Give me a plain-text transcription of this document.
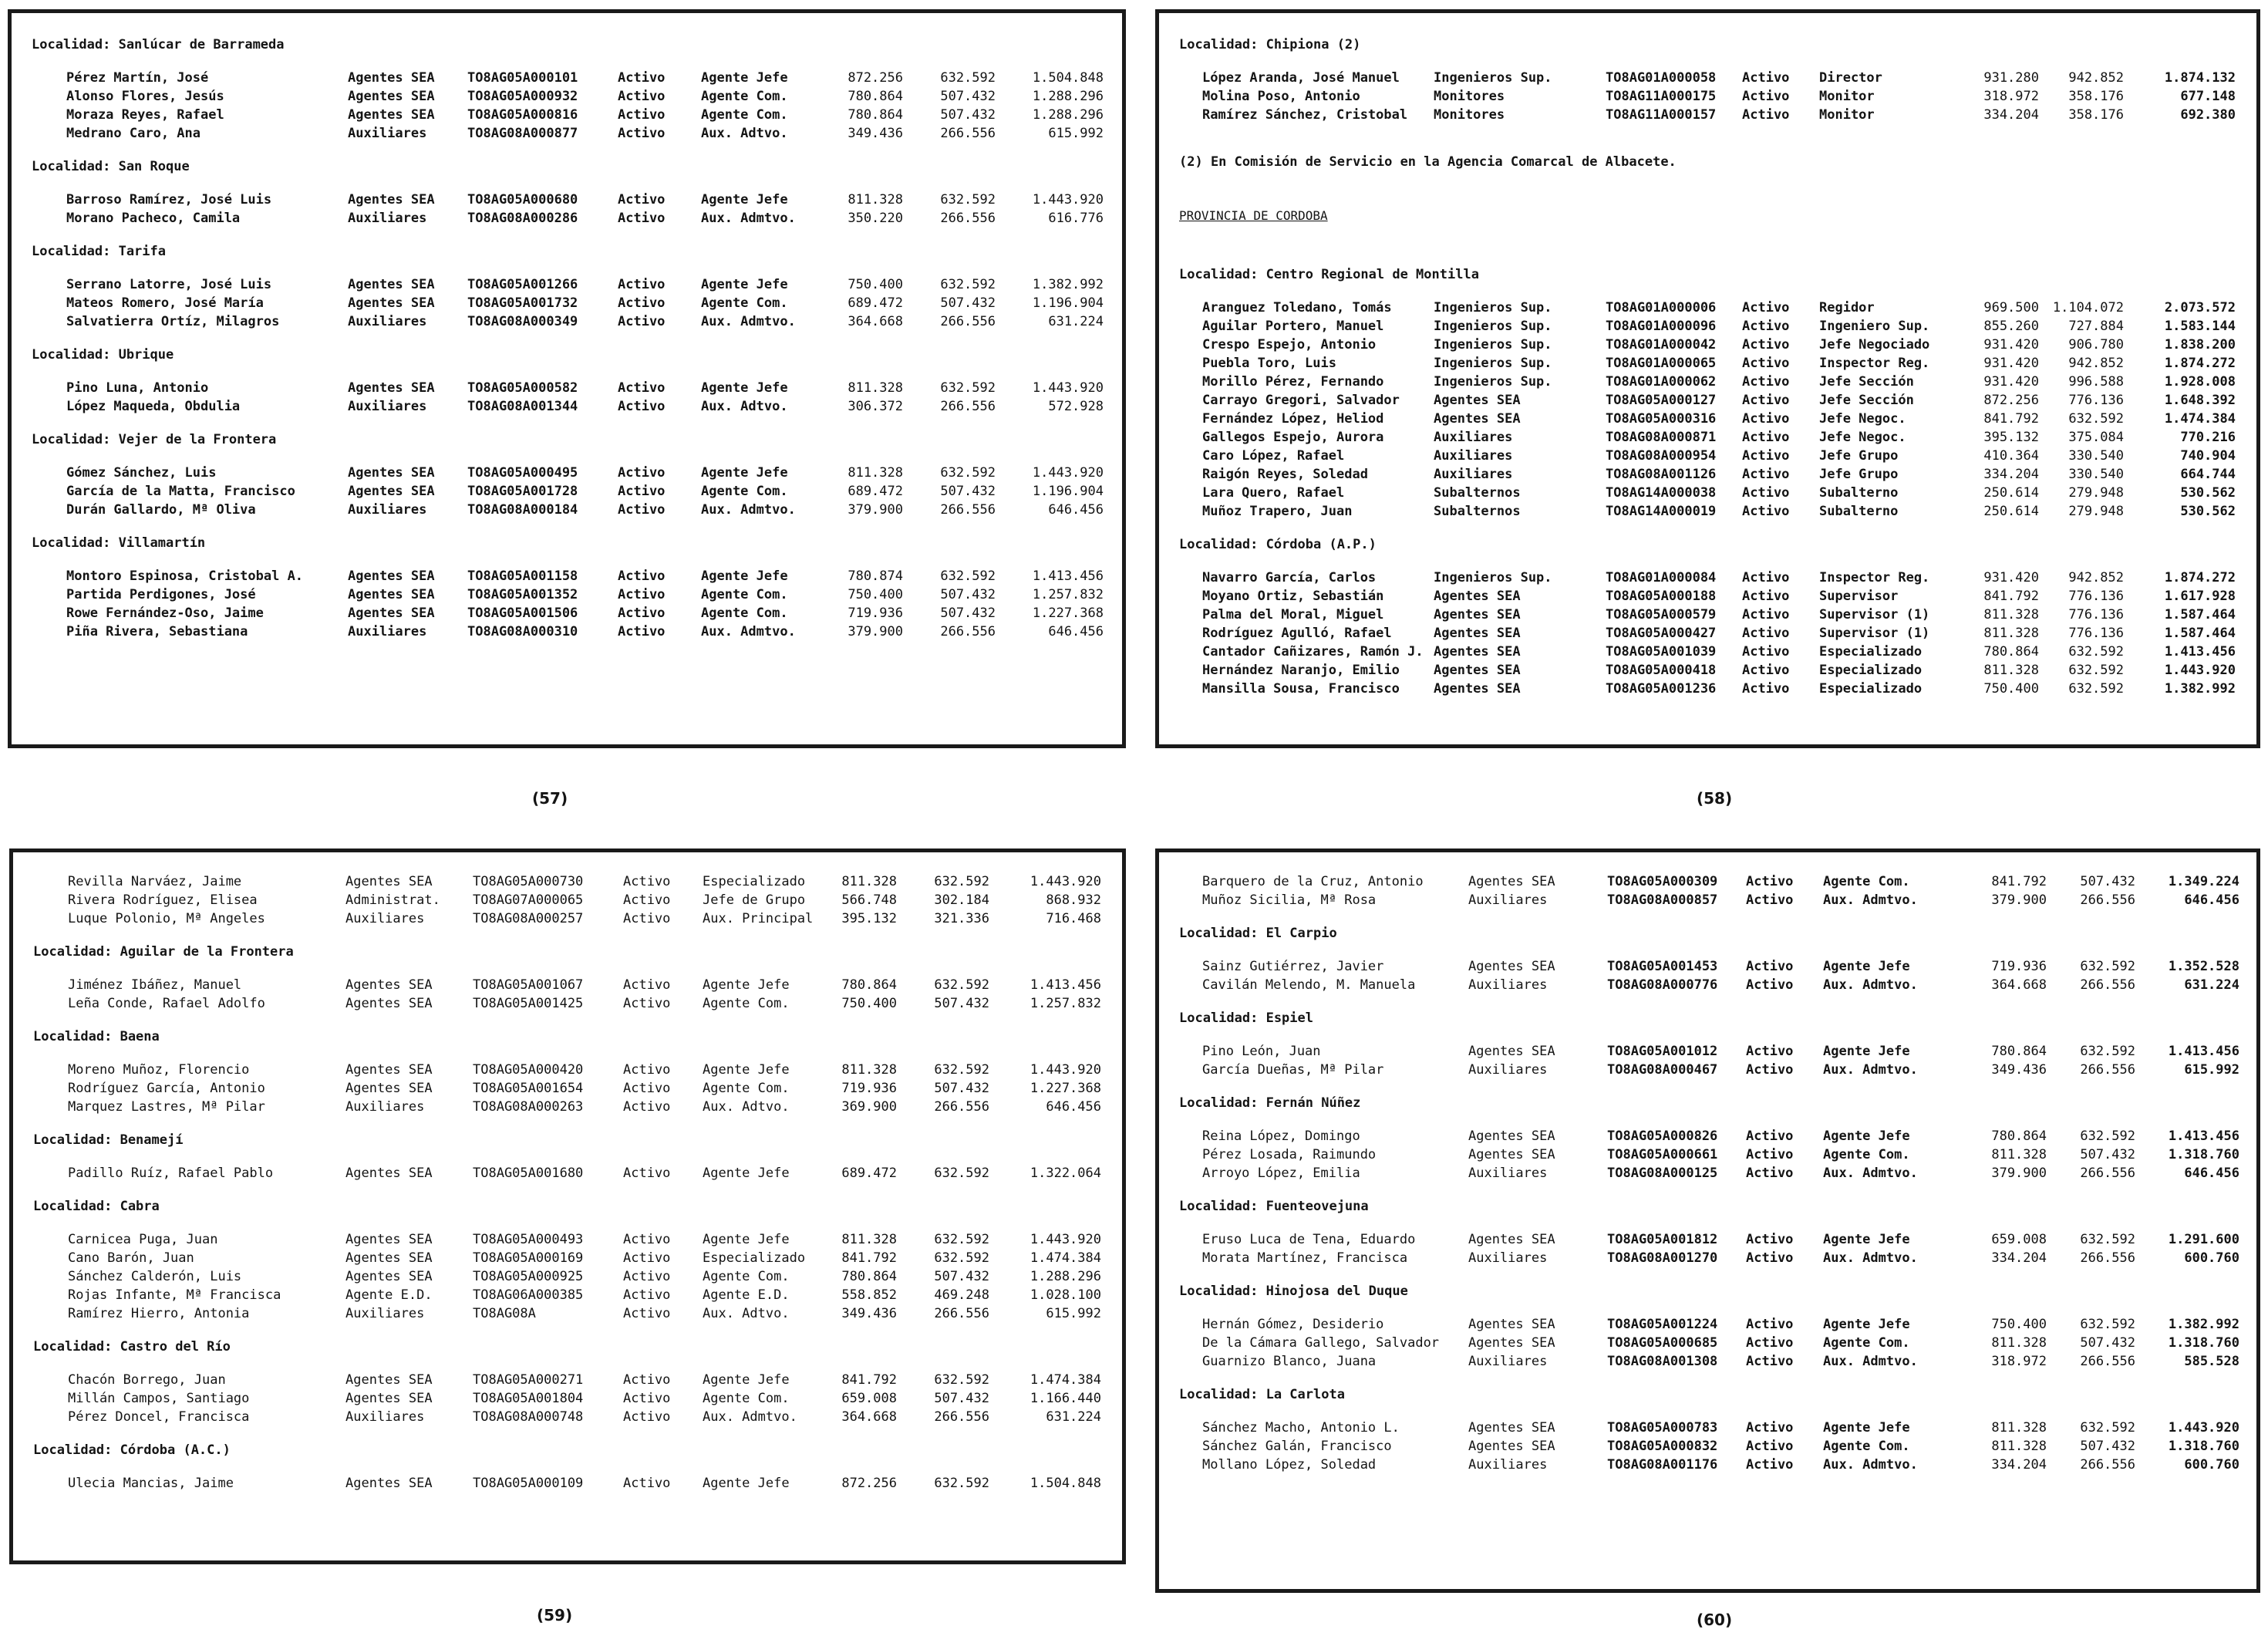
Localidad: Sanlúcar de Barrameda
Pérez Martín, José	Agentes SEA TO8AG05A000101	Activo	Agente Jefe	872.256	632.592	1.504.848
Alonso Flores, Jesús	Agentes SEA TO8AG05A000932	Activo	Agente Com.	780.864	507.432	1.288.296
Moraza Reyes, Rafael	Agentes SEA TO8AG05A000816	Activo	Agente Com.	780.864	507.432	1.288.296
Medrano Caro, Ana	Auxiliares	TO8AG08A000877	Activo	Aux. Adtvo.	349.436	266.556	615.992
Localidad: San Roque
Barroso Ramírez, José Luis	Agentes SEA TO8AG05A000680	Activo	Agente Jefe	811.328	632.592	1.443.920
Morano Pacheco, Camila	Auxiliares	TO8AG08A000286	Activo	Aux. Admtvo.	350.220	266.556	616.776
Localidad: Tarifa
Serrano Latorre, José Luis	Agentes SEA TO8AG05A001266	Activo	Agente Jefe	750.400	632.592	1.382.992
Mateos Romero, José María	Agentes SEA TO8AG05A001732	Activo	Agente Com.	689.472	507.432	1.196.904
Salvatierra Ortíz, Milagros	Auxiliares	TO8AG08A000349	Activo	Aux. Admtvo.	364.668	266.556	631.224
Localidad: Ubrique
Pino Luna, Antonio	Agentes SEA TO8AG05A000582	Activo	Agente Jefe	811.328	632.592	1.443.920
López Maqueda, Obdulia	Auxiliares	TO8AG08A001344	Activo	Aux. Adtvo.	306.372	266.556	572.928
Localidad: Vejer de la Frontera
Gómez Sánchez, Luis	Agentes SEA TO8AG05A000495	Activo	Agente Jefe	811.328	632.592	1.443.920
García de la Matta, Francisco	Agentes SEA TO8AG05A001728	Activo	Agente Com.	689.472	507.432	1.196.904
Durán Gallardo, Mª Oliva	Auxiliares	TO8AG08A000184	Activo	Aux. Admtvo.	379.900	266.556	646.456
Localidad: Villamartín
Montoro Espinosa, Cristobal A.	Agentes SEA TO8AG05A001158	Activo	Agente Jefe	780.874	632.592	1.413.456
Partida Perdigones, José	Agentes SEA TO8AG05A001352	Activo	Agente Com.	750.400	507.432	1.257.832
Rowe Fernández-Oso, Jaime	Agentes SEA TO8AG05A001506	Activo	Agente Com.	719.936	507.432	1.227.368
Piña Rivera, Sebastiana	Auxiliares	TO8AG08A000310	Activo	Aux. Admtvo.	379.900	266.556	646.456
(57)
Localidad: Chipiona (2)
López Aranda, José Manuel	Ingenieros Sup.	TO8AG01A000058 Activo Director	931.280	942.852	1.874.132
Molina Poso, Antonio	Monitores	TO8AG11A000175 Activo Monitor	318.972	358.176	677.148
Ramírez Sánchez, Cristobal Monitores	TO8AG11A000157 Activo Monitor	334.204	358.176	692.380
(2) En Comisión de Servicio en la Agencia Comarcal de Albacete.
PROVINCIA DE CORDOBA
Localidad: Centro Regional de Montilla
Aranguez Toledano, Tomás	Ingenieros Sup.	TO8AG01A000006 Activo Regidor	969.500	1.104.072	2.073.572
Aguilar Portero, Manuel	Ingenieros Sup.	TO8AG01A000096 Activo Ingeniero Sup.	855.260	727.884	1.583.144
Crespo Espejo, Antonio	Ingenieros Sup.	TO8AG01A000042 Activo Jefe Negociado	931.420	906.780	1.838.200
Puebla Toro, Luis	Ingenieros Sup.	TO8AG01A000065 Activo Inspector Reg.	931.420	942.852	1.874.272
Morillo Pérez, Fernando	Ingenieros Sup.	TO8AG01A000062 Activo Jefe Sección	931.420	996.588	1.928.008
Carrayo Gregori, Salvador	Agentes SEA	TO8AG05A000127 Activo Jefe Sección	872.256	776.136	1.648.392
Fernández López, Heliod	Agentes SEA	TO8AG05A000316 Activo Jefe Negoc.	841.792	632.592	1.474.384
Gallegos Espejo, Aurora	Auxiliares	TO8AG08A000871 Activo Jefe Negoc.	395.132	375.084	770.216
Caro López, Rafael	Auxiliares	TO8AG08A000954 Activo Jefe Grupo	410.364	330.540	740.904
Raigón Reyes, Soledad	Auxiliares	TO8AG08A001126 Activo Jefe Grupo	334.204	330.540	664.744
Lara Quero, Rafael	Subalternos	TO8AG14A000038 Activo Subalterno	250.614	279.948	530.562
Muñoz Trapero, Juan	Subalternos	TO8AG14A000019 Activo Subalterno	250.614	279.948	530.562
Localidad: Córdoba (A.P.)
Navarro García, Carlos	Ingenieros Sup.	TO8AG01A000084 Activo Inspector Reg.	931.420	942.852	1.874.272
Moyano Ortiz, Sebastián	Agentes SEA	TO8AG05A000188 Activo Supervisor	841.792	776.136	1.617.928
Palma del Moral, Miguel	Agentes SEA	TO8AG05A000579 Activo Supervisor (1)	811.328	776.136	1.587.464
Rodríguez Agulló, Rafael	Agentes SEA	TO8AG05A000427 Activo Supervisor (1)	811.328	776.136	1.587.464
Cantador Cañizares, Ramón J. Agentes SEA	TO8AG05A001039 Activo Especializado	780.864	632.592	1.413.456
Hernández Naranjo, Emilio	Agentes SEA	TO8AG05A000418 Activo Especializado	811.328	632.592	1.443.920
Mansilla Sousa, Francisco	Agentes SEA	TO8AG05A001236 Activo Especializado	750.400	632.592	1.382.992
(58)
Revilla Narváez, Jaime	Agentes SEA	TO8AG05A000730	Activo Especializado	811.328	632.592	1.443.920
Rivera Rodríguez, Elisea	Administrat. TO8AG07A000065	Activo Jefe de Grupo	566.748	302.184	868.932
Luque Polonio, Mª Angeles	Auxiliares	TO8AG08A000257	Activo Aux. Principal	395.132	321.336	716.468
Localidad: Aguilar de la Frontera
Jiménez Ibáñez, Manuel	Agentes SEA	TO8AG05A001067	Activo Agente Jefe	780.864	632.592	1.413.456
Leña Conde, Rafael Adolfo	Agentes SEA	TO8AG05A001425	Activo Agente Com.	750.400	507.432	1.257.832
Localidad: Baena
Moreno Muñoz, Florencio	Agentes SEA	TO8AG05A000420	Activo Agente Jefe	811.328	632.592	1.443.920
Rodríguez García, Antonio	Agentes SEA	TO8AG05A001654	Activo Agente Com.	719.936	507.432	1.227.368
Marquez Lastres, Mª Pilar	Auxiliares	TO8AG08A000263	Activo Aux. Adtvo.	369.900	266.556	646.456
Localidad: Benamejí
Padillo Ruíz, Rafael Pablo	Agentes SEA	TO8AG05A001680	Activo Agente Jefe	689.472	632.592	1.322.064
Localidad: Cabra
Carnicea Puga, Juan	Agentes SEA	TO8AG05A000493	Activo Agente Jefe	811.328	632.592	1.443.920
Cano Barón, Juan	Agentes SEA	TO8AG05A000169	Activo Especializado	841.792	632.592	1.474.384
Sánchez Calderón, Luis	Agentes SEA	TO8AG05A000925	Activo Agente Com.	780.864	507.432	1.288.296
Rojas Infante, Mª Francisca	Agente E.D.	TO8AG06A000385	Activo Agente E.D.	558.852	469.248	1.028.100
Ramírez Hierro, Antonia	Auxiliares	TO8AG08A	Activo Aux. Adtvo.	349.436	266.556	615.992
Localidad: Castro del Río
Chacón Borrego, Juan	Agentes SEA	TO8AG05A000271	Activo Agente Jefe	841.792	632.592	1.474.384
Millán Campos, Santiago	Agentes SEA	TO8AG05A001804	Activo Agente Com.	659.008	507.432	1.166.440
Pérez Doncel, Francisca	Auxiliares	TO8AG08A000748	Activo Aux. Admtvo.	364.668	266.556	631.224
Localidad: Córdoba (A.C.)
Ulecia Mancias, Jaime	Agentes SEA	TO8AG05A000109	Activo Agente Jefe	872.256	632.592	1.504.848
(59)
Barquero de la Cruz, Antonio	Agentes SEA	TO8AG05A000309 Activo Agente Com.	841.792	507.432	1.349.224
Muñoz Sicilia, Mª Rosa	Auxiliares	TO8AG08A000857 Activo Aux. Admtvo.	379.900	266.556	646.456
Localidad: El Carpio
Sainz Gutiérrez, Javier	Agentes SEA	TO8AG05A001453 Activo Agente Jefe	719.936	632.592	1.352.528
Cavilán Melendo, M. Manuela	Auxiliares	TO8AG08A000776 Activo Aux. Admtvo.	364.668	266.556	631.224
Localidad: Espiel
Pino León, Juan	Agentes SEA	TO8AG05A001012 Activo Agente Jefe	780.864	632.592	1.413.456
García Dueñas, Mª Pilar	Auxiliares	TO8AG08A000467 Activo Aux. Admtvo.	349.436	266.556	615.992
Localidad: Fernán Núñez
Reina López, Domingo	Agentes SEA	TO8AG05A000826 Activo Agente Jefe	780.864	632.592	1.413.456
Pérez Losada, Raimundo	Agentes SEA	TO8AG05A000661 Activo Agente Com.	811.328	507.432	1.318.760
Arroyo López, Emilia	Auxiliares	TO8AG08A000125 Activo Aux. Admtvo.	379.900	266.556	646.456
Localidad: Fuenteovejuna
Eruso Luca de Tena, Eduardo	Agentes SEA	TO8AG05A001812 Activo Agente Jefe	659.008	632.592	1.291.600
Morata Martínez, Francisca	Auxiliares	TO8AG08A001270 Activo Aux. Admtvo.	334.204	266.556	600.760
Localidad: Hinojosa del Duque
Hernán Gómez, Desiderio	Agentes SEA	TO8AG05A001224 Activo Agente Jefe	750.400	632.592	1.382.992
De la Cámara Gallego, Salvador Agentes SEA	TO8AG05A000685 Activo Agente Com.	811.328	507.432	1.318.760
Guarnizo Blanco, Juana	Auxiliares	TO8AG08A001308 Activo Aux. Admtvo.	318.972	266.556	585.528
Localidad: La Carlota
Sánchez Macho, Antonio L.	Agentes SEA	TO8AG05A000783 Activo Agente Jefe	811.328	632.592	1.443.920
Sánchez Galán, Francisco	Agentes SEA	TO8AG05A000832 Activo Agente Com.	811.328	507.432	1.318.760
Mollano López, Soledad	Auxiliares	TO8AG08A001176 Activo Aux. Admtvo.	334.204	266.556	600.760
(60)
